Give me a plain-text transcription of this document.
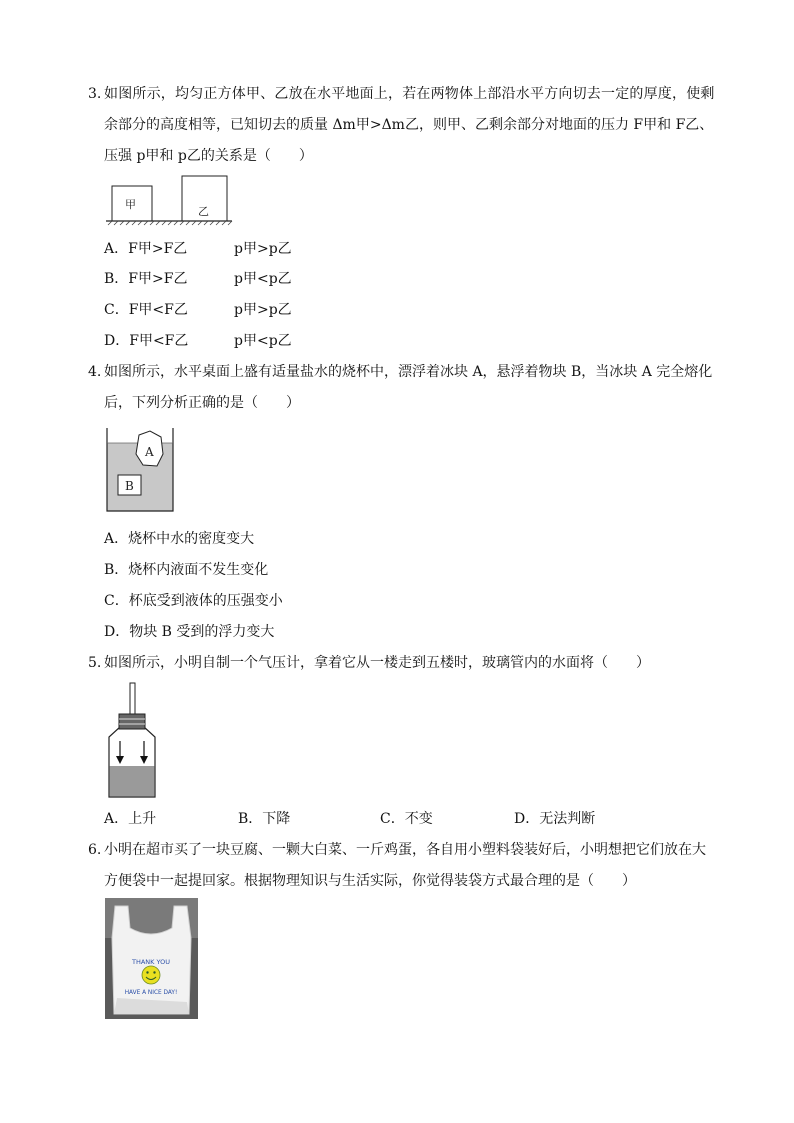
3. 如图所示，均匀正方体甲、乙放在水平地面上，若在两物体上部沿水平方向切去一定的厚度，使剩
余部分的高度相等，已知切去的质量 Δm甲>Δm乙，则甲、乙剩余部分对地面的压力 F甲和 F乙、
压强 p甲和 p乙的关系是（　　）
甲
乙
A．F甲>F乙	p甲>p乙
B．F甲>F乙	p甲<p乙
C．F甲<F乙	p甲>p乙
D．F甲<F乙	p甲<p乙
4. 如图所示，水平桌面上盛有适量盐水的烧杯中，漂浮着冰块 A，悬浮着物块 B，当冰块 A 完全熔化
后，下列分析正确的是（　　）
A
B
A．烧杯中水的密度变大
B．烧杯内液面不发生变化
C．杯底受到液体的压强变小
D．物块 B 受到的浮力变大
5. 如图所示，小明自制一个气压计，拿着它从一楼走到五楼时，玻璃管内的水面将（　　）
A．上升	B．下降	C．不变	D．无法判断
6. 小明在超市买了一块豆腐、一颗大白菜、一斤鸡蛋，各自用小塑料袋装好后，小明想把它们放在大
方便袋中一起提回家。根据物理知识与生活实际，你觉得装袋方式最合理的是（　　）
THANK YOU
HAVE A NICE DAY!
